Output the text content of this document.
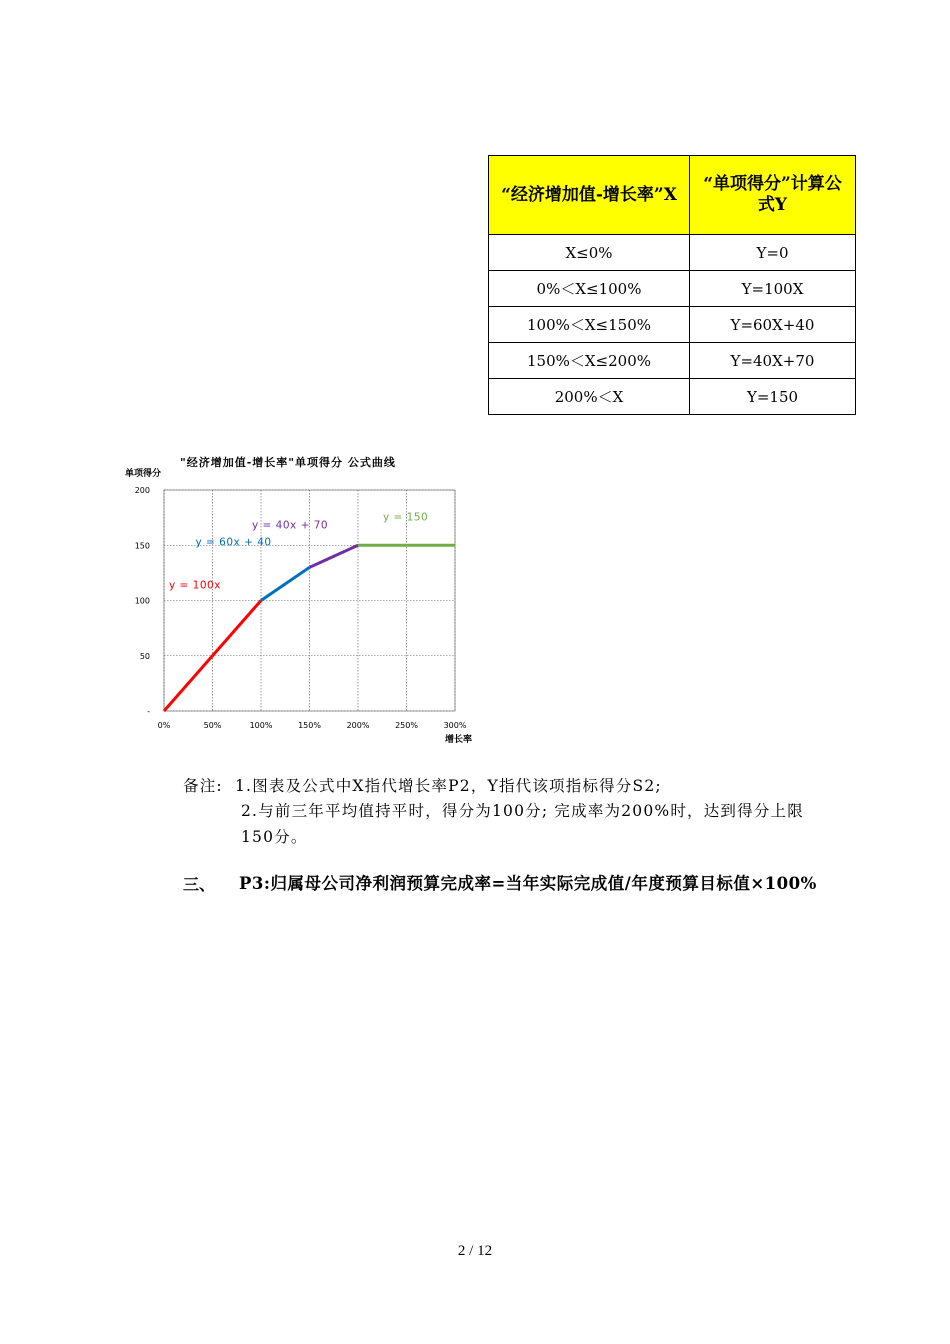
“经济增加值-增长率”X	“单项得分”计算公式Y
X≤0%	Y=0
0%＜X≤100%	Y=100X
100%＜X≤150%	Y=60X+40
150%＜X≤200%	Y=40X+70
200%＜X	Y=150
"经济增加值-增长率"单项得分 公式曲线
单项得分
增长率
-
50
100
150
200
0%	50%	100%	150%	200%	250%	300%
y = 100x
y = 60x + 40
y = 40x + 70
y = 150
备注: 1.图表及公式中X指代增长率P2，Y指代该项指标得分S2;
2.与前三年平均值持平时，得分为100分; 完成率为200%时，达到得分上限150分。
三、 P3:归属母公司净利润预算完成率=当年实际完成值/年度预算目标值×100%
2 / 12
